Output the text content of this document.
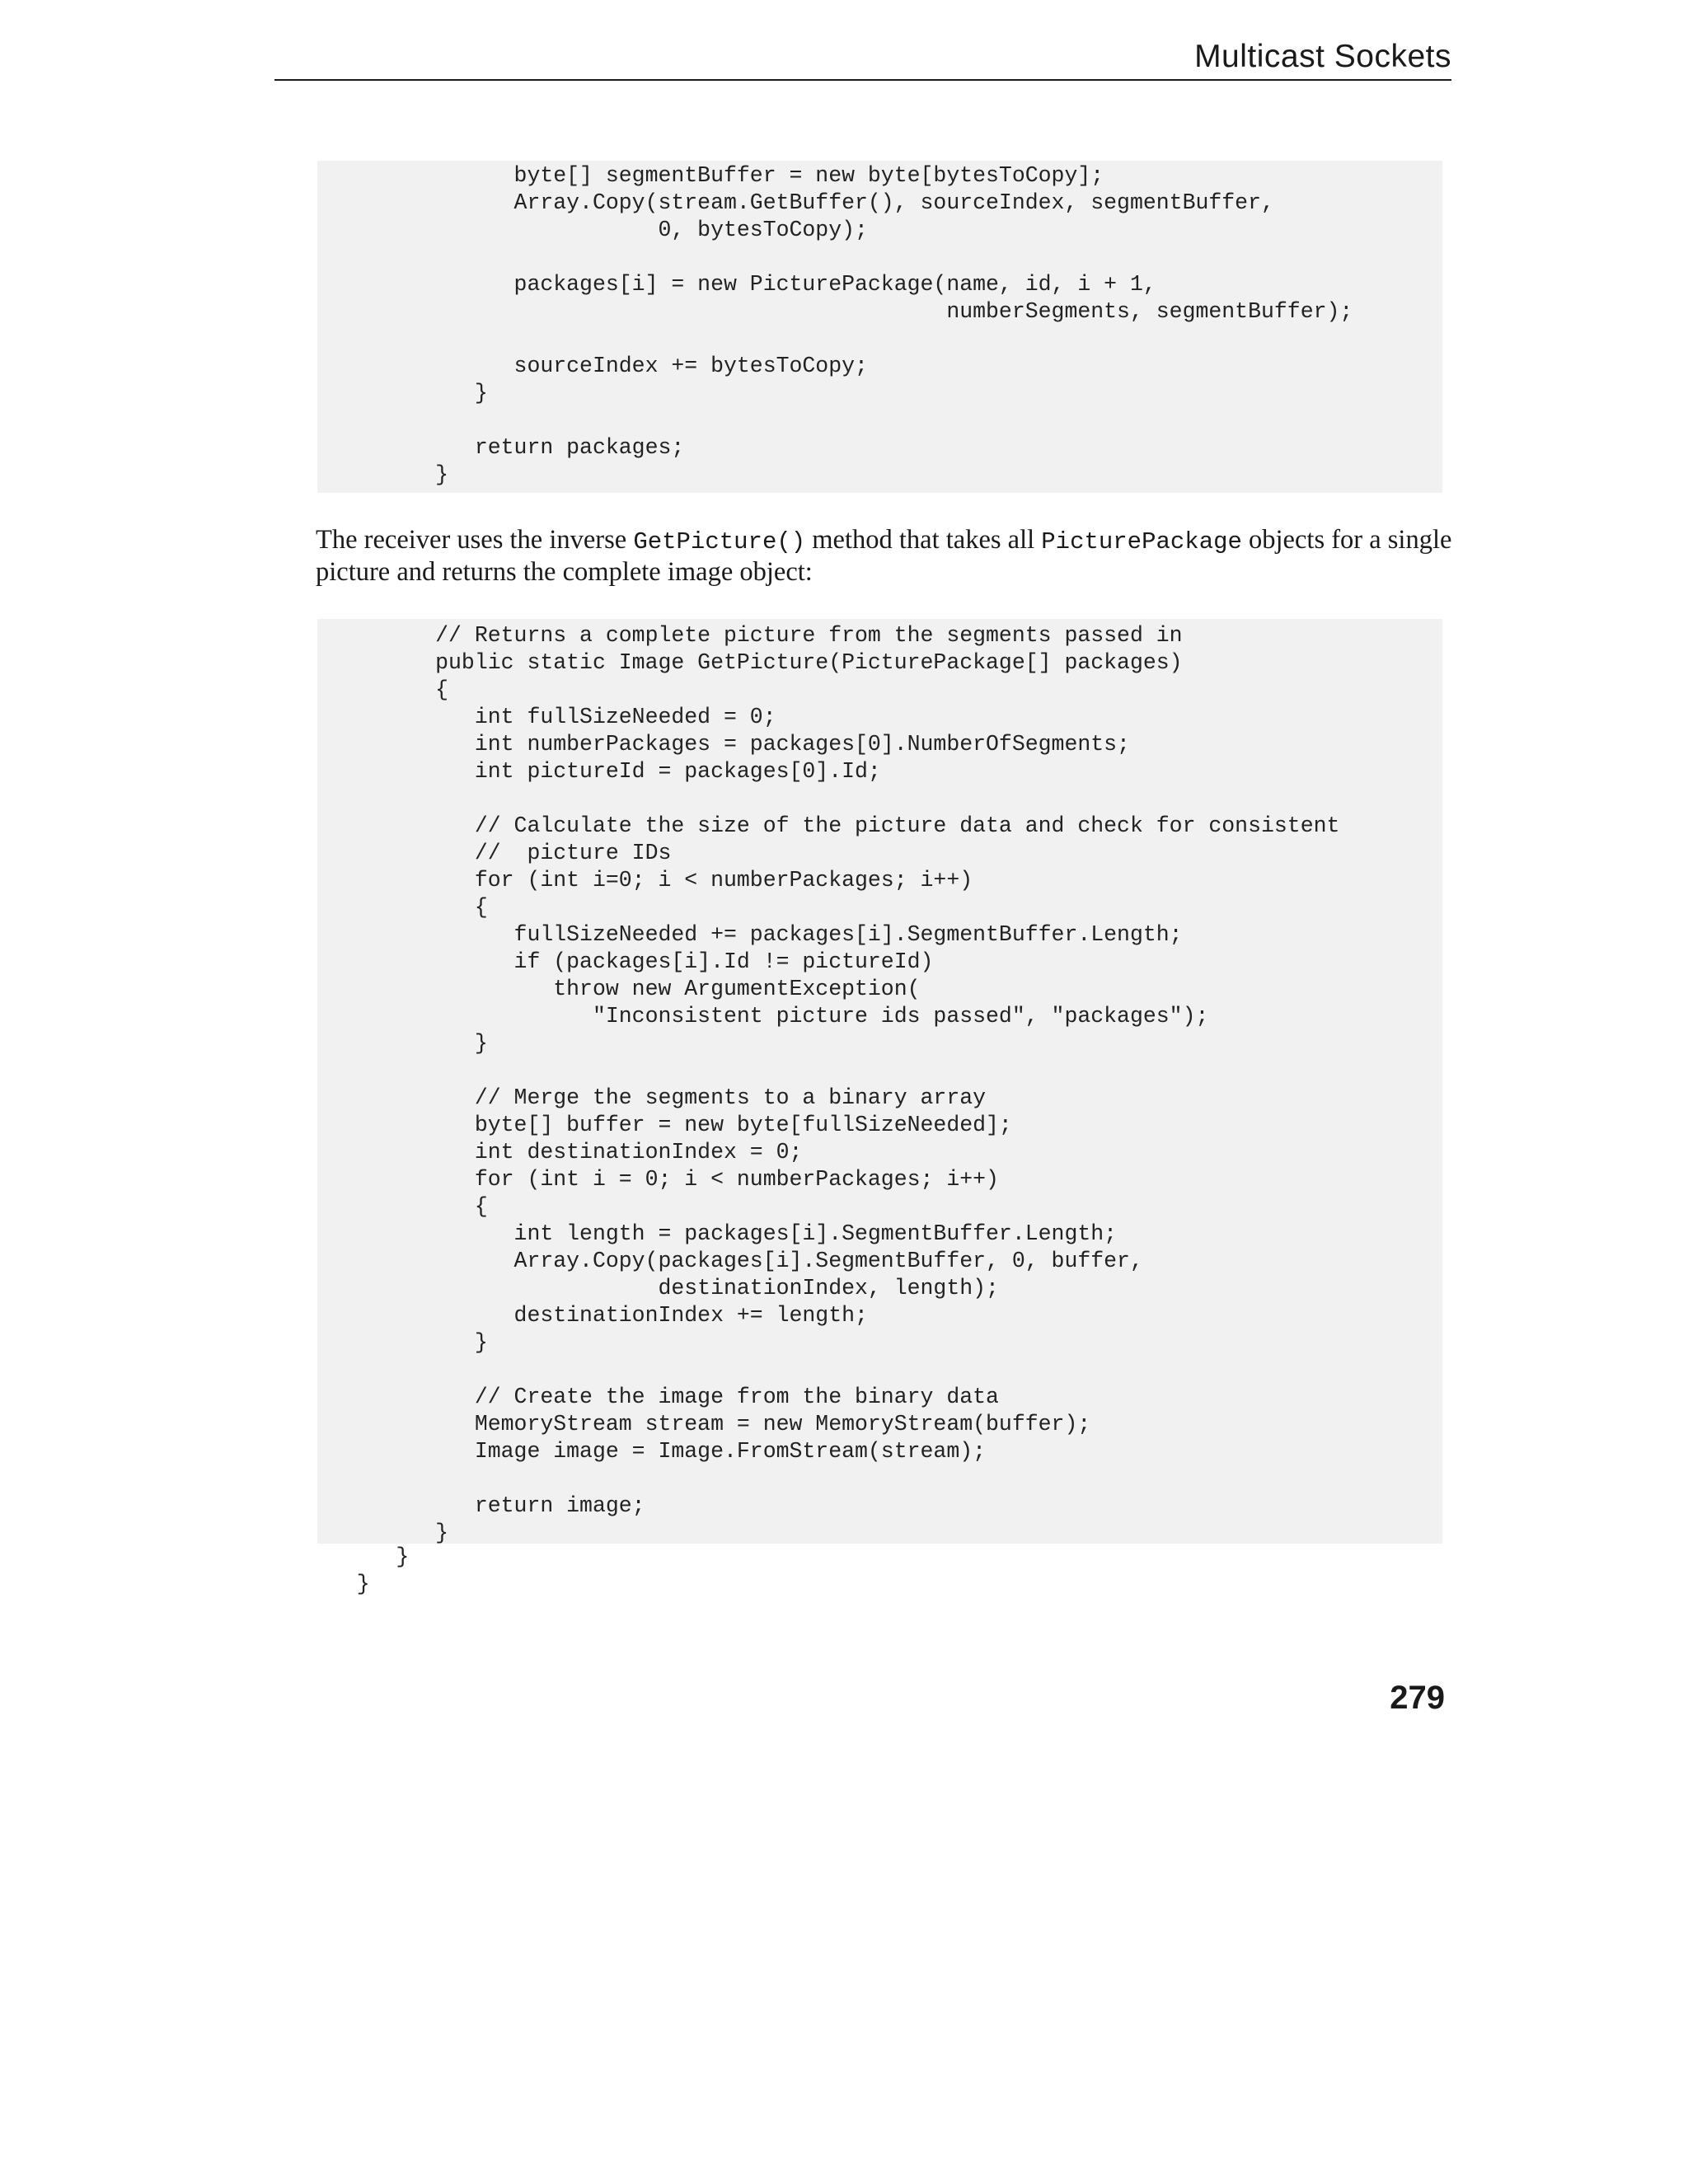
Multicast Sockets
byte[] segmentBuffer = new byte[bytesToCopy];
Array.Copy(stream.GetBuffer(), sourceIndex, segmentBuffer,
0, bytesToCopy);
packages[i] = new PicturePackage(name, id, i + 1,
numberSegments, segmentBuffer);
sourceIndex += bytesToCopy;
}
return packages;
}

The receiver uses the inverse GetPicture() method that takes all PicturePackage objects for a single picture and returns the complete image object:

// Returns a complete picture from the segments passed in
public static Image GetPicture(PicturePackage[] packages)
{
int fullSizeNeeded = 0;
int numberPackages = packages[0].NumberOfSegments;
int pictureId = packages[0].Id;
// Calculate the size of the picture data and check for consistent
//  picture IDs
for (int i=0; i < numberPackages; i++)
{
fullSizeNeeded += packages[i].SegmentBuffer.Length;
if (packages[i].Id != pictureId)
throw new ArgumentException(
"Inconsistent picture ids passed", "packages");
}
// Merge the segments to a binary array
byte[] buffer = new byte[fullSizeNeeded];
int destinationIndex = 0;
for (int i = 0; i < numberPackages; i++)
{
int length = packages[i].SegmentBuffer.Length;
Array.Copy(packages[i].SegmentBuffer, 0, buffer,
destinationIndex, length);
destinationIndex += length;
}
// Create the image from the binary data
MemoryStream stream = new MemoryStream(buffer);
Image image = Image.FromStream(stream);
return image;
}
}
}
279
